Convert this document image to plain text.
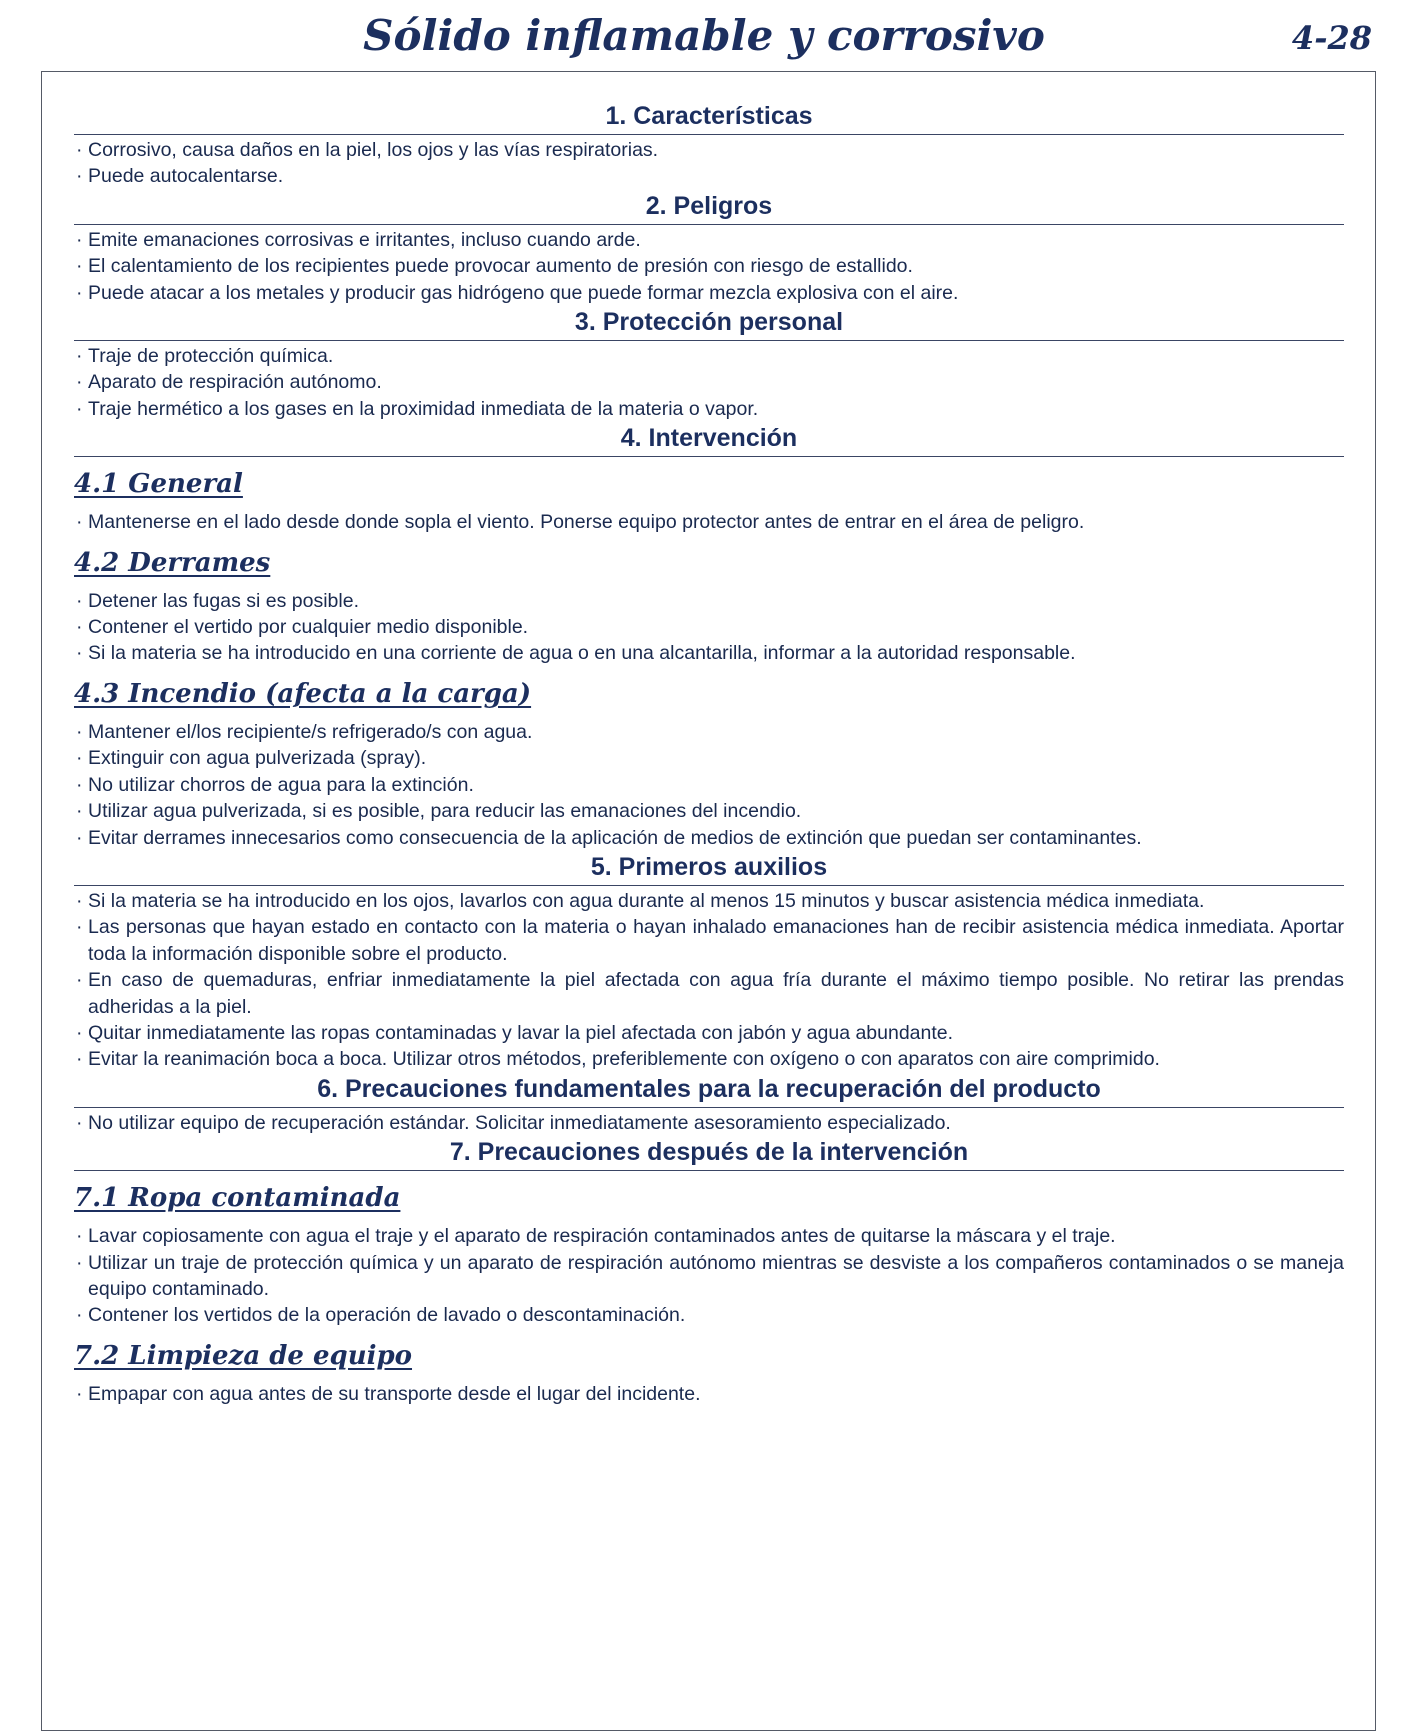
Sólido inflamable y corrosivo	4-28
1. Características
· Corrosivo, causa daños en la piel, los ojos y las vías respiratorias.
· Puede autocalentarse.
2. Peligros
· Emite emanaciones corrosivas e irritantes, incluso cuando arde.
· El calentamiento de los recipientes puede provocar aumento de presión con riesgo de estallido.
· Puede atacar a los metales y producir gas hidrógeno que puede formar mezcla explosiva con el aire.
3. Protección personal
· Traje de protección química.
· Aparato de respiración autónomo.
· Traje hermético a los gases en la proximidad inmediata de la materia o vapor.
4. Intervención
4.1 General
· Mantenerse en el lado desde donde sopla el viento. Ponerse equipo protector antes de entrar en el área de peligro.
4.2 Derrames
· Detener las fugas si es posible.
· Contener el vertido por cualquier medio disponible.
· Si la materia se ha introducido en una corriente de agua o en una alcantarilla, informar a la autoridad responsable.
4.3 Incendio (afecta a la carga)
· Mantener el/los recipiente/s refrigerado/s con agua.
· Extinguir con agua pulverizada (spray).
· No utilizar chorros de agua para la extinción.
· Utilizar agua pulverizada, si es posible, para reducir las emanaciones del incendio.
· Evitar derrames innecesarios como consecuencia de la aplicación de medios de extinción que puedan ser contaminantes.
5. Primeros auxilios
· Si la materia se ha introducido en los ojos, lavarlos con agua durante al menos 15 minutos y buscar asistencia médica inmediata.
· Las personas que hayan estado en contacto con la materia o hayan inhalado emanaciones han de recibir asistencia médica inmediata. Aportar toda la información disponible sobre el producto.
· En caso de quemaduras, enfriar inmediatamente la piel afectada con agua fría durante el máximo tiempo posible. No retirar las prendas adheridas a la piel.
· Quitar inmediatamente las ropas contaminadas y lavar la piel afectada con jabón y agua abundante.
· Evitar la reanimación boca a boca. Utilizar otros métodos, preferiblemente con oxígeno o con aparatos con aire comprimido.
6. Precauciones fundamentales para la recuperación del producto
· No utilizar equipo de recuperación estándar. Solicitar inmediatamente asesoramiento especializado.
7. Precauciones después de la intervención
7.1 Ropa contaminada
· Lavar copiosamente con agua el traje y el aparato de respiración contaminados antes de quitarse la máscara y el traje.
· Utilizar un traje de protección química y un aparato de respiración autónomo mientras se desviste a los compañeros contaminados o se maneja equipo contaminado.
· Contener los vertidos de la operación de lavado o descontaminación.
7.2 Limpieza de equipo
· Empapar con agua antes de su transporte desde el lugar del incidente.
